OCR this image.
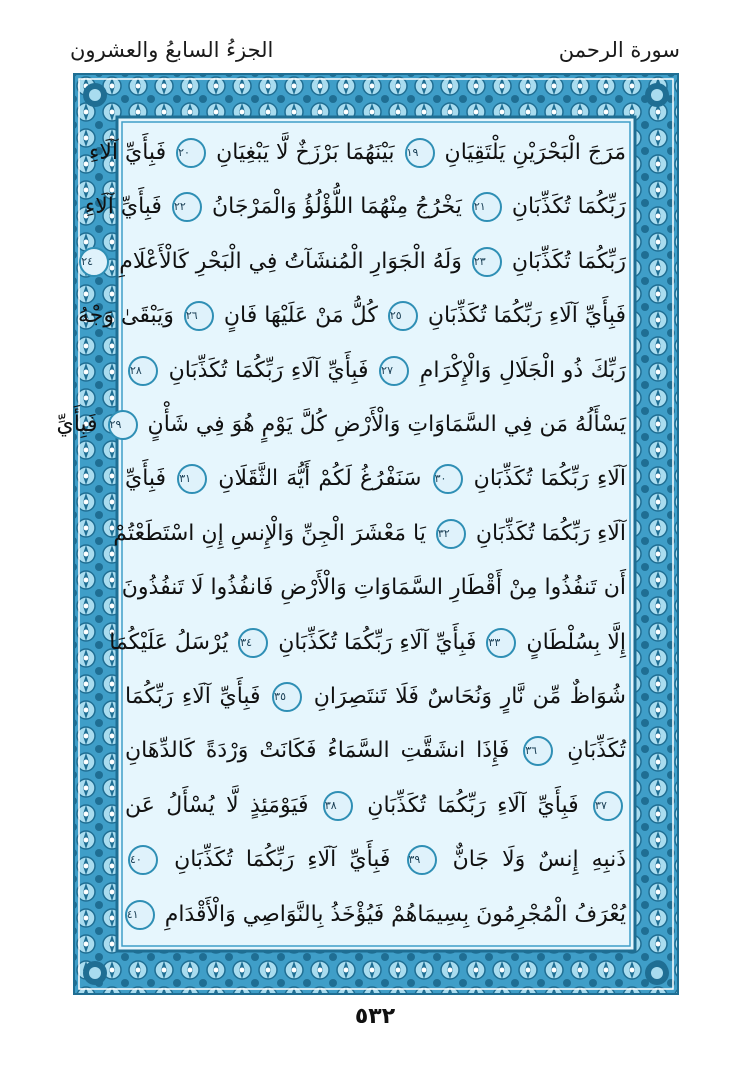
الجزءُ السابعُ والعشرون	سورة الرحمن
مَرَجَ الْبَحْرَيْنِ يَلْتَقِيَانِ ١٩ بَيْنَهُمَا بَرْزَخٌ لَّا يَبْغِيَانِ ٢٠ فَبِأَيِّ آلَاءِ
رَبِّكُمَا تُكَذِّبَانِ ٢١ يَخْرُجُ مِنْهُمَا اللُّؤْلُؤُ وَالْمَرْجَانُ ٢٢ فَبِأَيِّ آلَاءِ
رَبِّكُمَا تُكَذِّبَانِ ٢٣ وَلَهُ الْجَوَارِ الْمُنشَآتُ فِي الْبَحْرِ كَالْأَعْلَامِ ٢٤
فَبِأَيِّ آلَاءِ رَبِّكُمَا تُكَذِّبَانِ ٢٥ كُلُّ مَنْ عَلَيْهَا فَانٍ ٢٦ وَيَبْقَىٰ وَجْهُ
رَبِّكَ ذُو الْجَلَالِ وَالْإِكْرَامِ ٢٧ فَبِأَيِّ آلَاءِ رَبِّكُمَا تُكَذِّبَانِ ٢٨
يَسْأَلُهُ مَن فِي السَّمَاوَاتِ وَالْأَرْضِ كُلَّ يَوْمٍ هُوَ فِي شَأْنٍ ٢٩ فَبِأَيِّ
آلَاءِ رَبِّكُمَا تُكَذِّبَانِ ٣٠ سَنَفْرُغُ لَكُمْ أَيُّهَ الثَّقَلَانِ ٣١ فَبِأَيِّ
آلَاءِ رَبِّكُمَا تُكَذِّبَانِ ٣٢ يَا مَعْشَرَ الْجِنِّ وَالْإِنسِ إِنِ اسْتَطَعْتُمْ
أَن تَنفُذُوا مِنْ أَقْطَارِ السَّمَاوَاتِ وَالْأَرْضِ فَانفُذُوا لَا تَنفُذُونَ
إِلَّا بِسُلْطَانٍ ٣٣ فَبِأَيِّ آلَاءِ رَبِّكُمَا تُكَذِّبَانِ ٣٤ يُرْسَلُ عَلَيْكُمَا
شُوَاظٌ مِّن نَّارٍ وَنُحَاسٌ فَلَا تَنتَصِرَانِ ٣٥ فَبِأَيِّ آلَاءِ رَبِّكُمَا
تُكَذِّبَانِ ٣٦ فَإِذَا انشَقَّتِ السَّمَاءُ فَكَانَتْ وَرْدَةً كَالدِّهَانِ
٣٧ فَبِأَيِّ آلَاءِ رَبِّكُمَا تُكَذِّبَانِ ٣٨ فَيَوْمَئِذٍ لَّا يُسْأَلُ عَن
ذَنبِهِ إِنسٌ وَلَا جَانٌّ ٣٩ فَبِأَيِّ آلَاءِ رَبِّكُمَا تُكَذِّبَانِ ٤٠
يُعْرَفُ الْمُجْرِمُونَ بِسِيمَاهُمْ فَيُؤْخَذُ بِالنَّوَاصِي وَالْأَقْدَامِ ٤١
٥٣٢
